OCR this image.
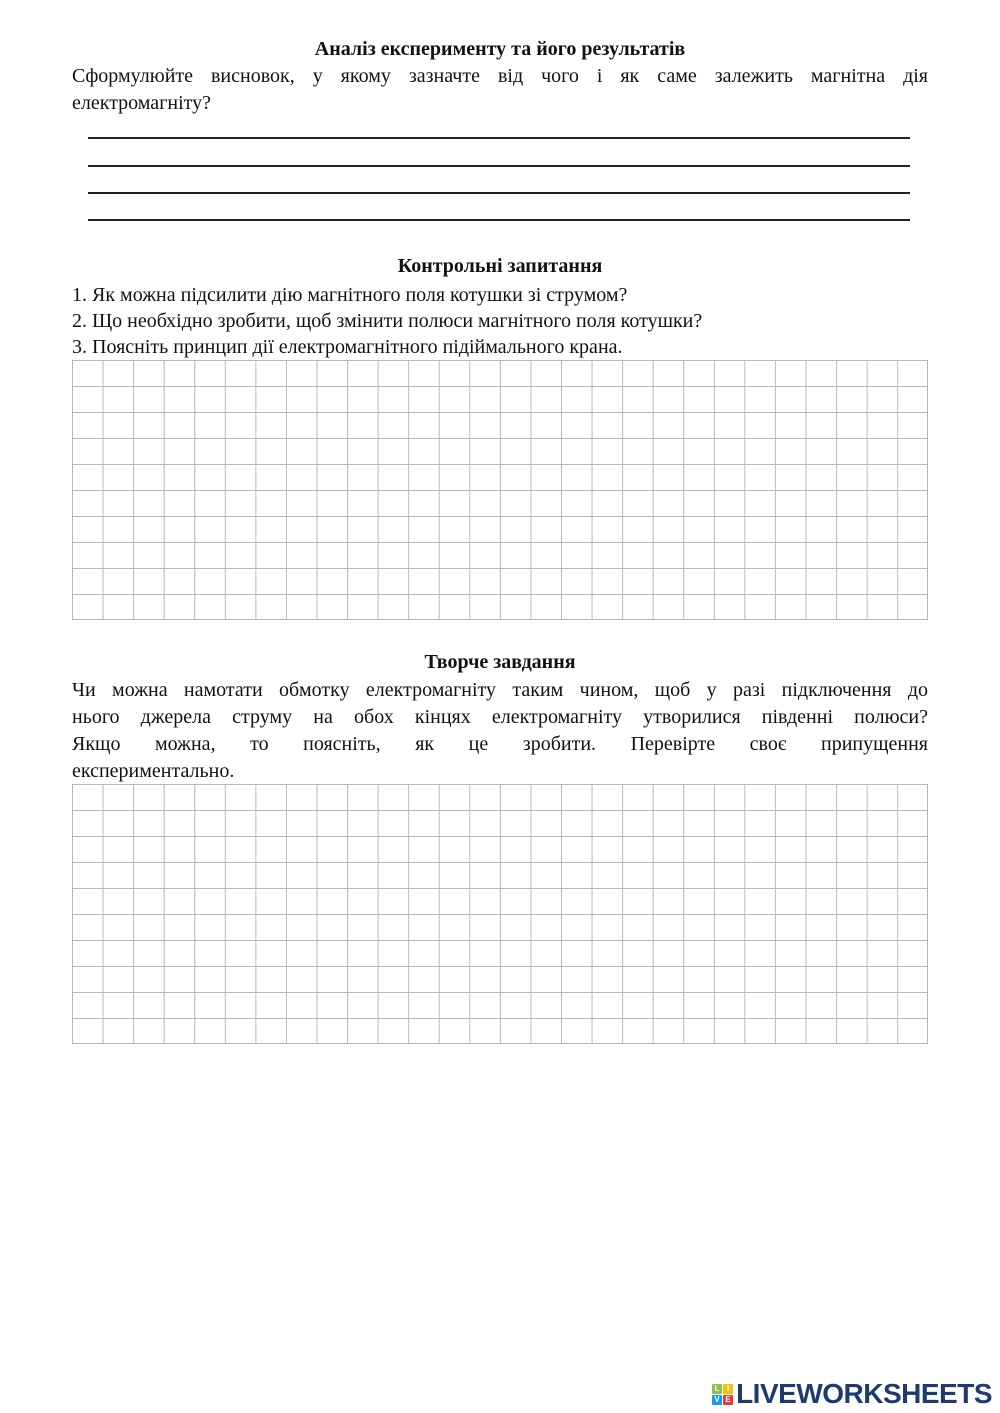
Аналіз експерименту та його результатів
Сформулюйте висновок, у якому зазначте від чого і як саме залежить магнітна дія
електромагніту?
Контрольні запитання
1. Як можна підсилити дію магнітного поля котушки зі струмом?
2. Що необхідно зробити, щоб змінити полюси магнітного поля котушки?
3. Поясніть принцип дії електромагнітного підіймального крана.
Творче завдання
Чи можна намотати обмотку електромагніту таким чином, щоб у разі підключення до
нього джерела струму на обох кінцях електромагніту утворилися південні полюси?
Якщо можна, то поясніть, як це зробити. Перевірте своє припущення
експериментально.
L I
V E LIVEWORKSHEETS
